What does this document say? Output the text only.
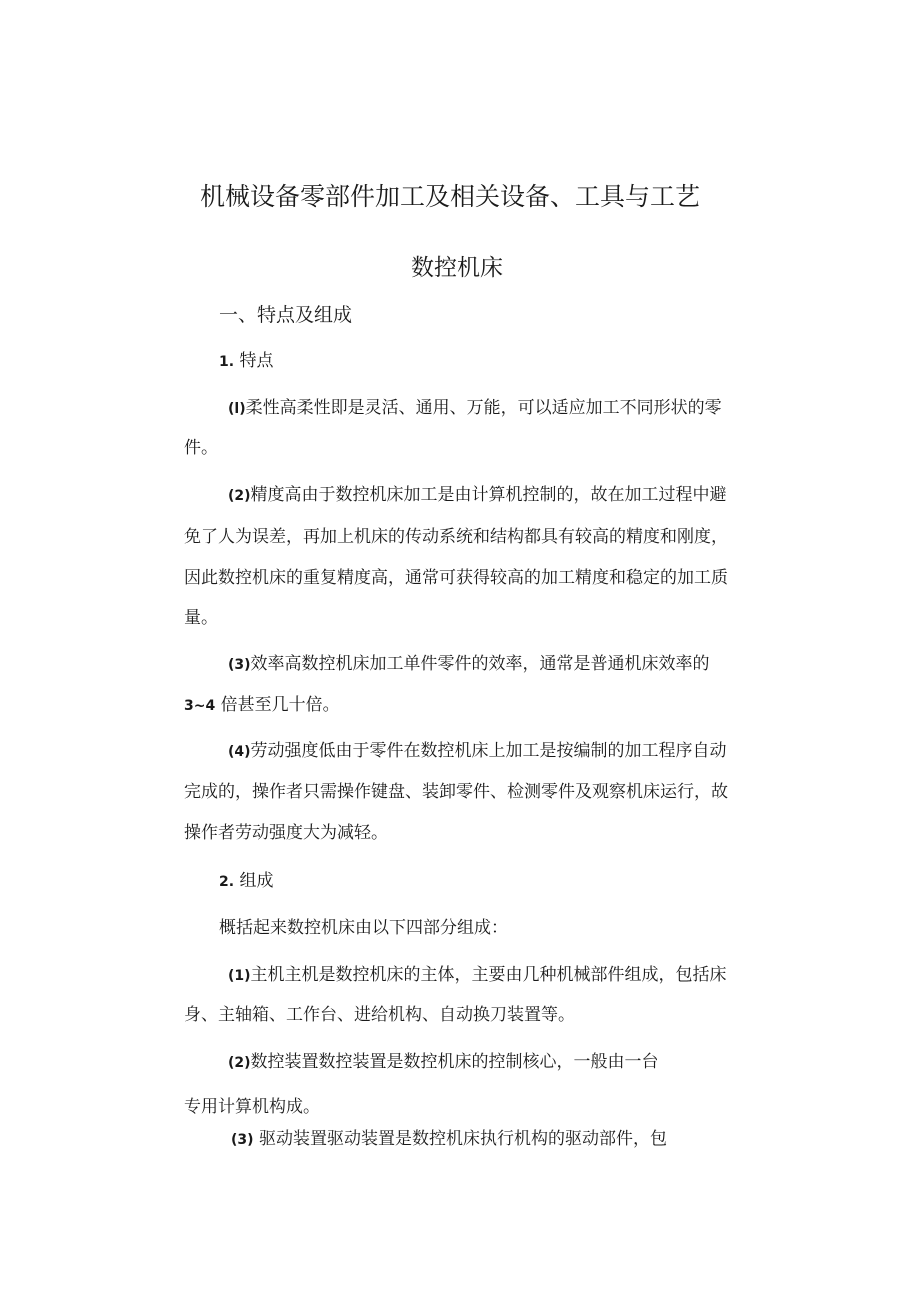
机械设备零部件加工及相关设备、工具与工艺
数控机床
一、特点及组成
1. 特点
(l)柔性高柔性即是灵活、通用、万能，可以适应加工不同形状的零
件。
(2)精度高由于数控机床加工是由计算机控制的，故在加工过程中避
免了人为误差，再加上机床的传动系统和结构都具有较高的精度和刚度，
因此数控机床的重复精度高，通常可获得较高的加工精度和稳定的加工质
量。
(3)效率高数控机床加工单件零件的效率，通常是普通机床效率的
3~4 倍甚至几十倍。
(4)劳动强度低由于零件在数控机床上加工是按编制的加工程序自动
完成的，操作者只需操作键盘、装卸零件、检测零件及观察机床运行，故
操作者劳动强度大为减轻。
2. 组成
概括起来数控机床由以下四部分组成：
(1)主机主机是数控机床的主体，主要由几种机械部件组成，包括床
身、主轴箱、工作台、进给机构、自动换刀装置等。
(2)数控装置数控装置是数控机床的控制核心，一般由一台
专用计算机构成。
(3) 驱动装置驱动装置是数控机床执行机构的驱动部件，包
